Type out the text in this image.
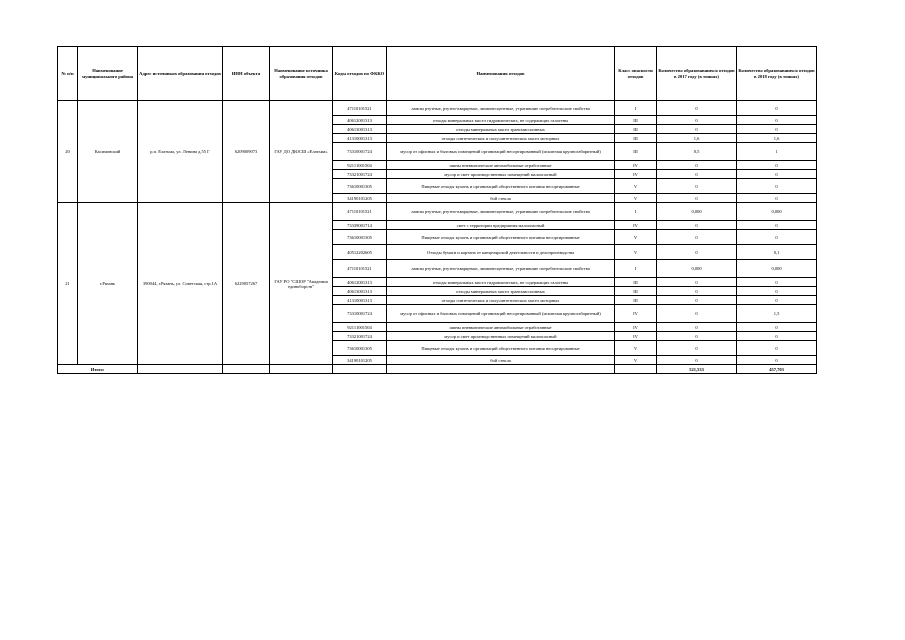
№ п/п	Наименование муниципального района	Адрес источников образования отходов	ИНН объекта	Наименование источника образования отходов	Коды отходов по ФККО	Наименования отходов	Класс опасности отходов	Количество образовавшихся отходов в 2017 году (в тоннах)	Количество образовавшихся отходов в 2018 году (в тоннах)
20	Касимовский	р.п. Елатьма, ул. Ленина д.55 Г	6209009073	ГАУ ДО ДЮСШ «Елатьма»	47110101521	лампы ртутные, ртутно-кварцевые, люминесцентные, утратившие потребительские свойства	I	0	0
					40612001313	отходы минеральных масел гидравлических, не содержащих галогены	III	0	0
					40613001313	отходы минеральных масел трансмиссионных	III	0	0
					41310001313	отходы синтетических и полусинтетических масел моторных	III	1,6	1,6
					73310001724	мусор от офисных и бытовых помещений организаций несортированный (исключая крупногабаритный)	III	0,5	1
					92111001504	шины пневматические автомобильные отработанные	IV	0	0
					73321001724	мусор и смет производственных помещений малоопасный	IV	0	0
					73610001305	Пищевые отходы кухонь и организаций общественного питания несортированные	V	0	0
					34190101205	бой стекла	V	0	0
21	г.Рязань	390044, г.Рязань, ул. Советская, стр.1А	6229057267	ГАУ РО "СШОР "Академия единоборств"	47110101521	лампы ртутные, ртутно-кварцевые, люминесцентные, утратившие потребительские свойства	I	0,000	0,000
					73339001714	смет с территории предприятия малоопасный	IV	0	0
					73610001305	Пищевые отходы кухонь и организаций общественного питания несортированные	V	0	0
					40512202605	Отходы бумаги и картона от канцелярской деятельности и делопроизводства	V	0	0,1
					47110101521	лампы ртутные, ртутно-кварцевые, люминесцентные, утратившие потребительские свойства	I	0,000	0,000
					40612001313	отходы минеральных масел гидравлических, не содержащих галогены	III	0	0
					40613001313	отходы минеральных масел трансмиссионных	III	0	0
					41310001313	отходы синтетических и полусинтетических масел моторных	III	0	0
					73310001724	мусор от офисных и бытовых помещений организаций несортированный (исключая крупногабаритный)	IV	0	1,5
					92111001504	шины пневматические автомобильные отработанные	IV	0	0
					73321001724	мусор и смет производственных помещений малоопасный	IV	0	0
					73610001305	Пищевые отходы кухонь и организаций общественного питания несортированные	V	0	0
					34190101205	бой стекла	V	0	0
Итого:								521,533	457,703
